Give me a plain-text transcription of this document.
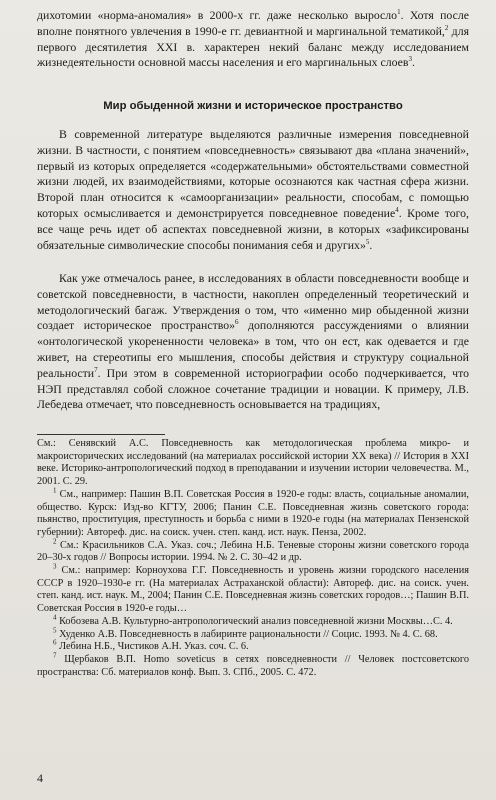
дихотомии «норма-аномалия» в 2000-х гг. даже несколько выросло$^1$. Хотя после вполне понятного увлечения в 1990-е гг. девиантной и маргинальной тематикой,$^2$ для первого десятилетия XXI в. характерен некий баланс между исследованием жизнедеятельности основной массы населения и его маргинальных слоев$^3$.

Мир обыденной жизни и историческое пространство

В современной литературе выделяются различные измерения повседневной жизни. В частности, с понятием «повседневность» связывают два «плана значений», первый из которых определяется «содержательными» обстоятельствами совместной жизни людей, их взаимодействиями, которые осознаются как частная сфера жизни. Второй план относится к «самоорганизации» реальности, способам, с помощью которых осмысливается и демонстрируется повседневное поведение$^4$. Кроме того, все чаще речь идет об аспектах повседневной жизни, в которых «зафиксированы обязательные символические способы понимания себя и других»$^5$.

Как уже отмечалось ранее, в исследованиях в области повседневности вообще и советской повседневности, в частности, накоплен определенный теоретический и методологический багаж. Утверждения о том, что «именно мир обыденной жизни создает историческое пространство»$^6$ дополняются рассуждениями о влиянии «онтологической укорененности человека» в том, что он ест, как одевается и где живет, на стереотипы его мышления, способы действия и структуру социальной реальности$^7$. При этом в современной историографии особо подчеркивается, что НЭП представлял собой сложное сочетание традиции и новации. К примеру, Л.В. Лебедева отмечает, что повседневность основывается на традициях,

См.: Сенявский А.С. Повседневность как методологическая проблема микро- и макроисторических исследований (на материалах российской истории XX века) // История в XXI веке. Историко-антропологический подход в преподавании и изучении истории человечества. М., 2001. С. 29.

$^1$ См., например: Пашин В.П. Советская Россия в 1920-е годы: власть, социальные аномалии, общество. Курск: Изд-во КГТУ, 2006; Панин С.Е. Повседневная жизнь советского города: пьянство, проституция, преступность и борьба с ними в 1920-е годы (на материалах Пензенской губернии): Автореф. дис. на соиск. учен. степ. канд. ист. наук. Пенза, 2002.

$^2$ См.: Красильников С.А. Указ. соч.; Лебина Н.Б. Теневые стороны жизни советского города 20–30-х годов // Вопросы истории. 1994. № 2. С. 30–42 и др.

$^3$ См.: например: Корноухова Г.Г. Повседневность и уровень жизни городского населения СССР в 1920–1930-е гг. (На материалах Астраханской области): Автореф. дис. на соиск. учен. степ. канд. ист. наук. М., 2004; Панин С.Е. Повседневная жизнь советских городов…; Пашин В.П. Советская Россия в 1920-е годы…

$^4$ Кобозева А.В. Культурно-антропологический анализ повседневной жизни Москвы…С. 4.

$^5$ Худенко А.В. Повседневность в лабиринте рациональности // Социс. 1993. № 4. С. 68.

$^6$ Лебина Н.Б., Чистиков А.Н. Указ. соч. С. 6.

$^7$ Щербаков В.П. Homo soveticus в сетях повседневности // Человек постсоветского пространства: Сб. материалов конф. Вып. 3. СПб., 2005. С. 472.

4
